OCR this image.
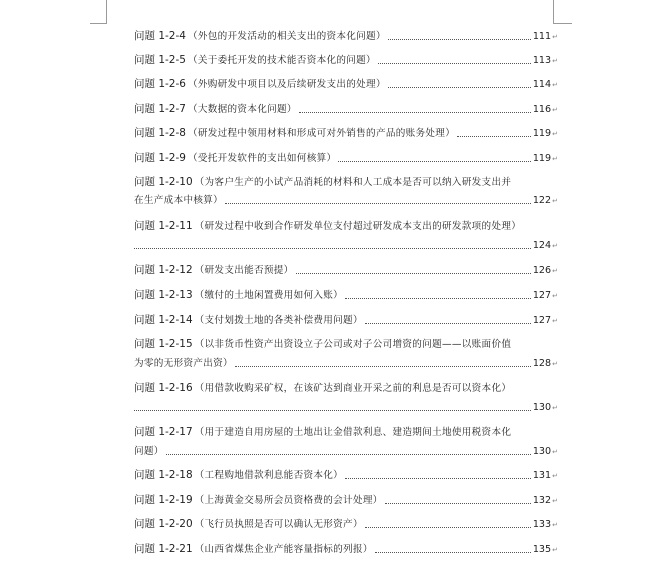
问题 1-2-4 （外包的开发活动的相关支出的资本化问题）	111 ↵
问题 1-2-5 （关于委托开发的技术能否资本化的问题）	113 ↵
问题 1-2-6 （外购研发中项目以及后续研发支出的处理）	114 ↵
问题 1-2-7 （大数据的资本化问题）	116 ↵
问题 1-2-8 （研发过程中领用材料和形成可对外销售的产品的账务处理）	119 ↵
问题 1-2-9 （受托开发软件的支出如何核算）	119 ↵
问题 1-2-10 （为客户生产的小试产品消耗的材料和人工成本是否可以纳入研发支出并
在生产成本中核算）	122 ↵
问题 1-2-11 （研发过程中收到合作研发单位支付超过研发成本支出的研发款项的处理）
124 ↵
问题 1-2-12 （研发支出能否预提）	126 ↵
问题 1-2-13 （缴付的土地闲置费用如何入账）	127 ↵
问题 1-2-14 （支付划拨土地的各类补偿费用问题）	127 ↵
问题 1-2-15 （以非货币性资产出资设立子公司或对子公司增资的问题——以账面价值
为零的无形资产出资）	128 ↵
问题 1-2-16 （用借款收购采矿权，在该矿达到商业开采之前的利息是否可以资本化）
130 ↵
问题 1-2-17 （用于建造自用房屋的土地出让金借款利息、建造期间土地使用税资本化
问题）	130 ↵
问题 1-2-18 （工程购地借款利息能否资本化）	131 ↵
问题 1-2-19 （上海黄金交易所会员资格费的会计处理）	132 ↵
问题 1-2-20 （飞行员执照是否可以确认无形资产）	133 ↵
问题 1-2-21 （山西省煤焦企业产能容量指标的列报）	135 ↵
